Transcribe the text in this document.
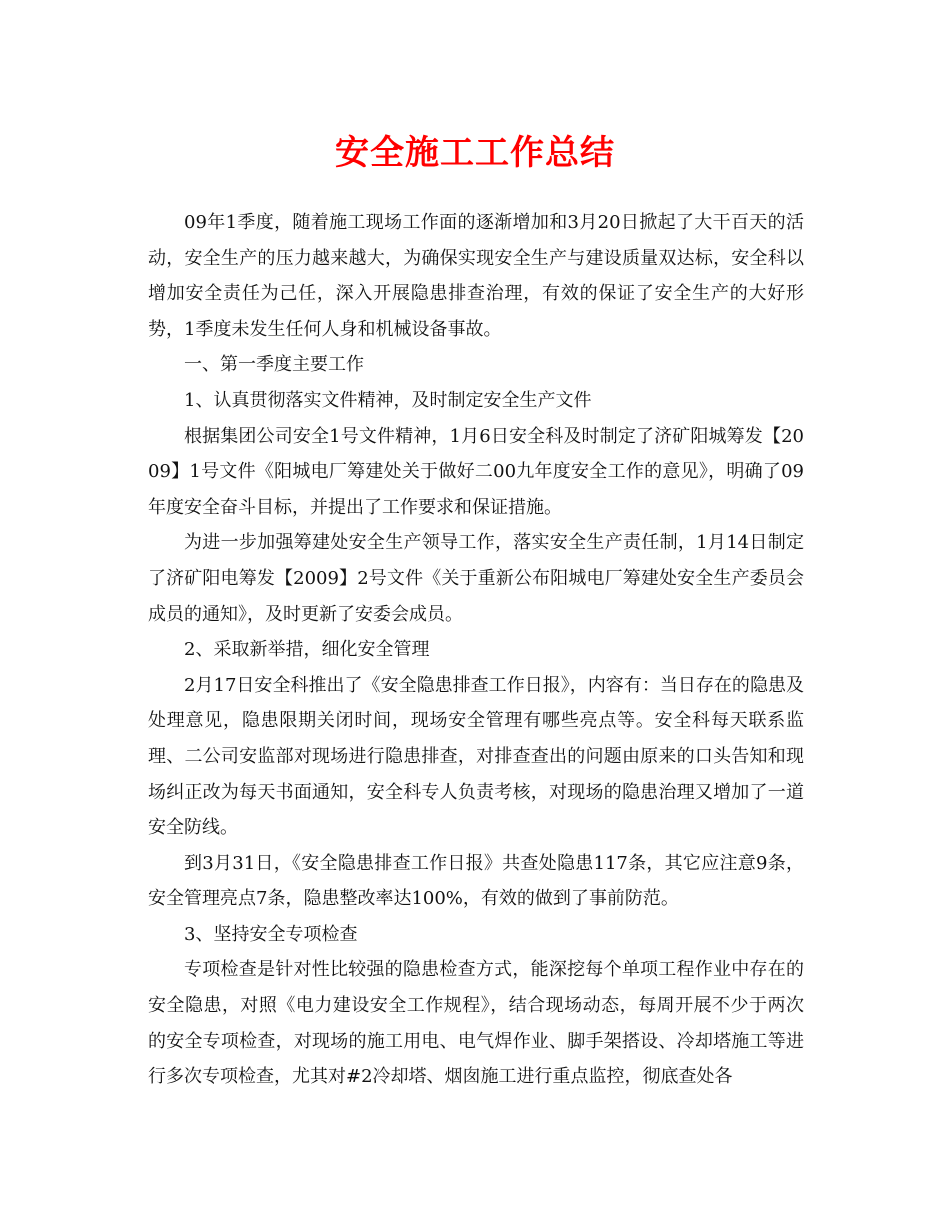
安全施工工作总结

09年1季度，随着施工现场工作面的逐渐增加和3月20日掀起了大干百天的活动，安全生产的压力越来越大，为确保实现安全生产与建设质量双达标，安全科以增加安全责任为己任，深入开展隐患排查治理，有效的保证了安全生产的大好形势，1季度未发生任何人身和机械设备事故。

一、第一季度主要工作

1、认真贯彻落实文件精神，及时制定安全生产文件

根据集团公司安全1号文件精神，1月6日安全科及时制定了济矿阳城筹发【2009】1号文件《阳城电厂筹建处关于做好二00九年度安全工作的意见》，明确了09年度安全奋斗目标，并提出了工作要求和保证措施。

为进一步加强筹建处安全生产领导工作，落实安全生产责任制，1月14日制定了济矿阳电筹发【2009】2号文件《关于重新公布阳城电厂筹建处安全生产委员会成员的通知》，及时更新了安委会成员。

2、采取新举措，细化安全管理

2月17日安全科推出了《安全隐患排查工作日报》，内容有：当日存在的隐患及处理意见，隐患限期关闭时间，现场安全管理有哪些亮点等。安全科每天联系监理、二公司安监部对现场进行隐患排查，对排查查出的问题由原来的口头告知和现场纠正改为每天书面通知，安全科专人负责考核，对现场的隐患治理又增加了一道安全防线。

到3月31日，《安全隐患排查工作日报》共查处隐患117条，其它应注意9条，安全管理亮点7条，隐患整改率达100%，有效的做到了事前防范。

3、坚持安全专项检查

专项检查是针对性比较强的隐患检查方式，能深挖每个单项工程作业中存在的安全隐患，对照《电力建设安全工作规程》，结合现场动态，每周开展不少于两次的安全专项检查，对现场的施工用电、电气焊作业、脚手架搭设、冷却塔施工等进行多次专项检查，尤其对#2冷却塔、烟囱施工进行重点监控，彻底查处各
